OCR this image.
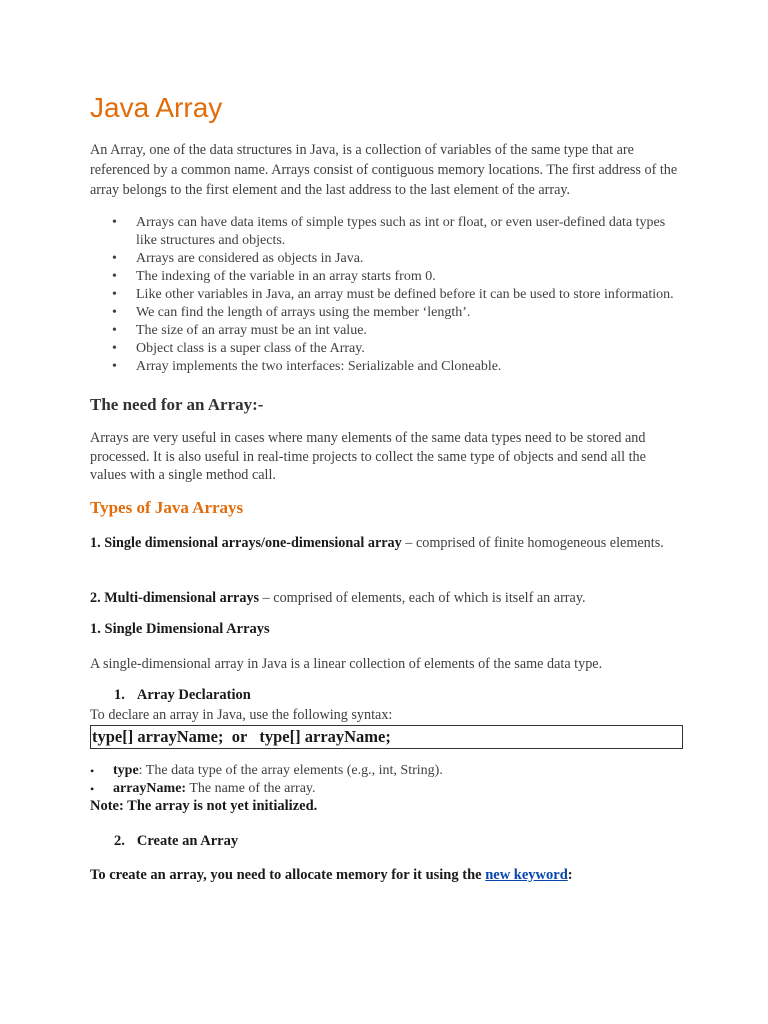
Java Array

An Array, one of the data structures in Java, is a collection of variables of the same type that are referenced by a common name. Arrays consist of contiguous memory locations. The first address of the array belongs to the first element and the last address to the last element of the array.

• Arrays can have data items of simple types such as int or float, or even user-defined data types like structures and objects.
• Arrays are considered as objects in Java.
• The indexing of the variable in an array starts from 0.
• Like other variables in Java, an array must be defined before it can be used to store information.
• We can find the length of arrays using the member ‘length’.
• The size of an array must be an int value.
• Object class is a super class of the Array.
• Array implements the two interfaces: Serializable and Cloneable.
The need for an Array:-

Arrays are very useful in cases where many elements of the same data types need to be stored and processed. It is also useful in real-time projects to collect the same type of objects and send all the values with a single method call.

Types of Java Arrays

1. Single dimensional arrays/one-dimensional array – comprised of finite homogeneous elements.

2. Multi-dimensional arrays – comprised of elements, each of which is itself an array.

1. Single Dimensional Arrays

A single-dimensional array in Java is a linear collection of elements of the same data type.

1. Array Declaration

To declare an array in Java, use the following syntax:

type[] arrayName;  or   type[] arrayName;
• type: The data type of the array elements (e.g., int, String).
• arrayName: The name of the array.
Note: The array is not yet initialized.
2. Create an Array
To create an array, you need to allocate memory for it using the new keyword:
